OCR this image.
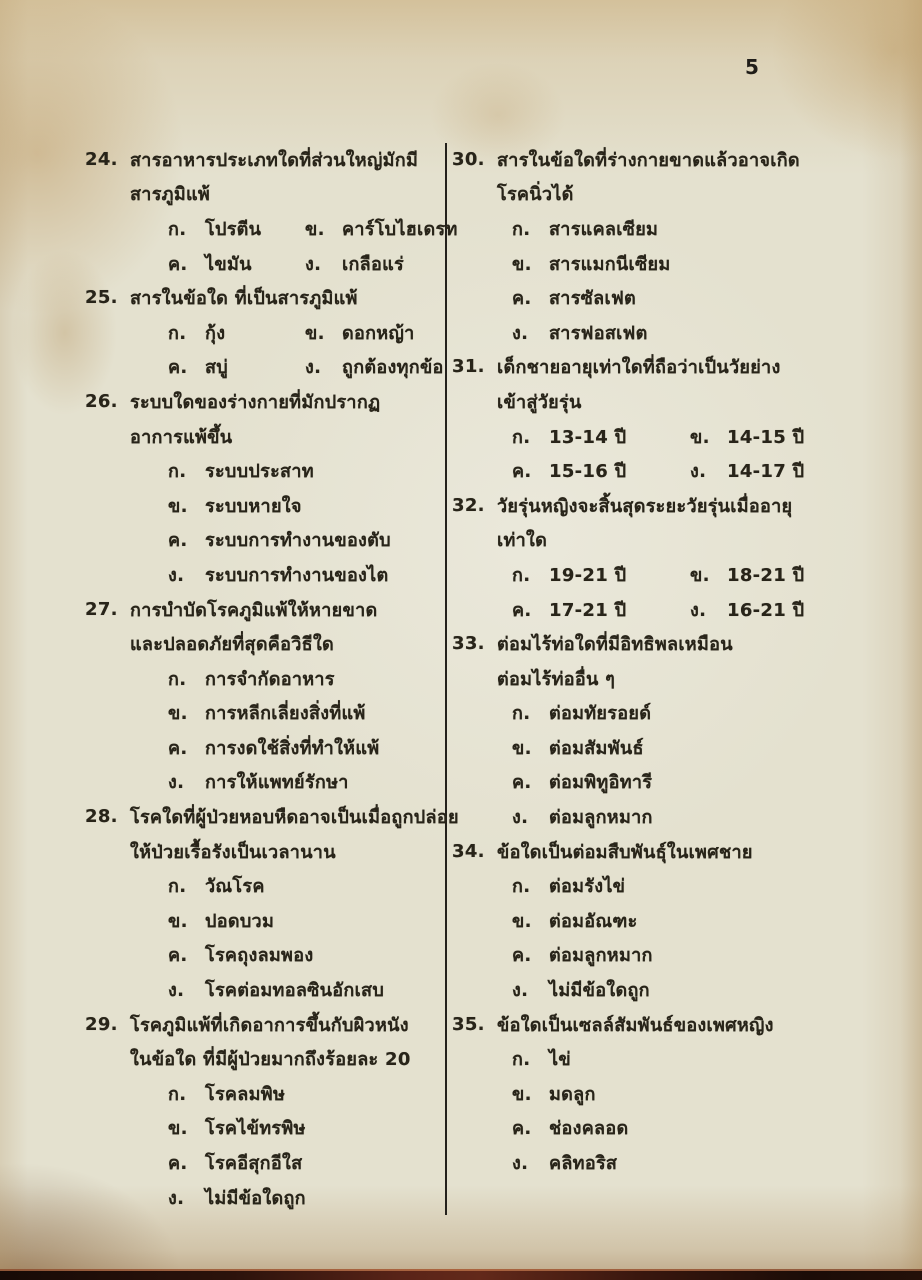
5
24. สารอาหารประเภทใดที่ส่วนใหญ่มักมี
สารภูมิแพ้
ก.	โปรตีน ข. คาร์โบไฮเดรท
ค. ไขมัน	ง.	เกลือแร่
25. สารในข้อใด ที่เป็นสารภูมิแพ้
ก.	กุ้ง	ข. ดอกหญ้า
ค. สบู่	ง.	ถูกต้องทุกข้อ
26. ระบบใดของร่างกายที่มักปรากฏ
อาการแพ้ขึ้น
ก.	ระบบประสาท
ข. ระบบหายใจ
ค. ระบบการทำงานของตับ
ง.	ระบบการทำงานของไต
27. การบำบัดโรคภูมิแพ้ให้หายขาด
และปลอดภัยที่สุดคือวิธีใด
ก.	การจำกัดอาหาร
ข. การหลีกเลี่ยงสิ่งที่แพ้
ค. การงดใช้สิ่งที่ทำให้แพ้
ง.	การให้แพทย์รักษา
28. โรคใดที่ผู้ป่วยหอบหืดอาจเป็นเมื่อถูกปล่อย
ให้ป่วยเรื้อรังเป็นเวลานาน
ก.	วัณโรค
ข. ปอดบวม
ค. โรคถุงลมพอง
ง.	โรคต่อมทอลซินอักเสบ
29. โรคภูมิแพ้ที่เกิดอาการขึ้นกับผิวหนัง
ในข้อใด ที่มีผู้ป่วยมากถึงร้อยละ 20
ก.	โรคลมพิษ
ข. โรคไข้ทรพิษ
ค. โรคอีสุกอีใส
ง.	ไม่มีข้อใดถูก
30. สารในข้อใดที่ร่างกายขาดแล้วอาจเกิด
โรคนิ่วได้
ก.	สารแคลเซียม
ข. สารแมกนีเซียม
ค. สารซัลเฟต
ง.	สารฟอสเฟต
31. เด็กชายอายุเท่าใดที่ถือว่าเป็นวัยย่าง
เข้าสู่วัยรุ่น
ก.	13-14 ปี	ข. 14-15 ปี
ค. 15-16 ปี	ง.	14-17 ปี
32. วัยรุ่นหญิงจะสิ้นสุดระยะวัยรุ่นเมื่ออายุ
เท่าใด
ก.	19-21 ปี	ข. 18-21 ปี
ค. 17-21 ปี	ง.	16-21 ปี
33. ต่อมไร้ท่อใดที่มีอิทธิพลเหมือน
ต่อมไร้ท่ออื่น ๆ
ก.	ต่อมทัยรอยด์
ข. ต่อมสัมพันธ์
ค. ต่อมพิทูอิทารี
ง.	ต่อมลูกหมาก
34. ข้อใดเป็นต่อมสืบพันธุ์ในเพศชาย
ก.	ต่อมรังไข่
ข. ต่อมอัณฑะ
ค. ต่อมลูกหมาก
ง.	ไม่มีข้อใดถูก
35. ข้อใดเป็นเซลล์สัมพันธ์ของเพศหญิง
ก.	ไข่
ข. มดลูก
ค. ช่องคลอด
ง.	คลิทอริส
